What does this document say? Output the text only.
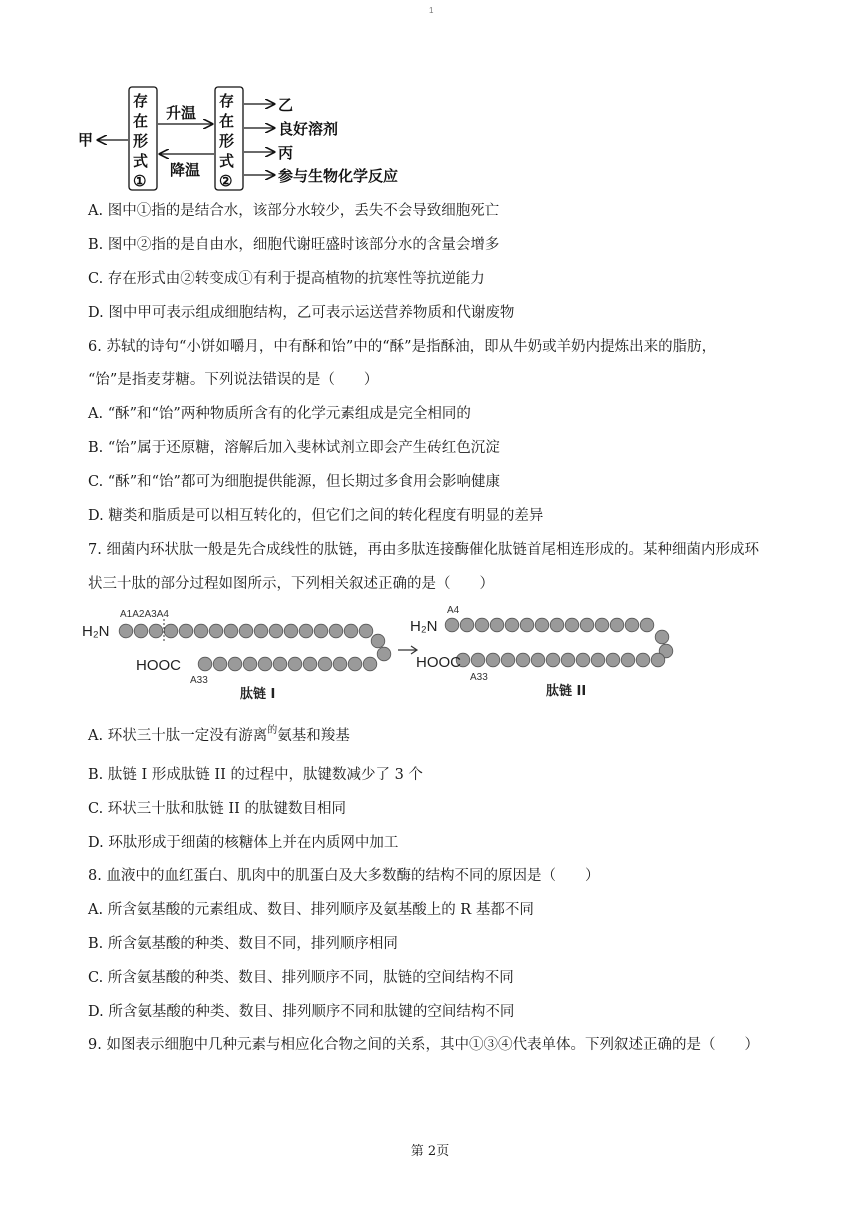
1
甲
存
在
形
式
①
升温
降温
存
在
形
式
②
乙
良好溶剂
丙
参与生物化学反应
A. 图中①指的是结合水，该部分水较少，丢失不会导致细胞死亡
B. 图中②指的是自由水，细胞代谢旺盛时该部分水的含量会增多
C. 存在形式由②转变成①有利于提高植物的抗寒性等抗逆能力
D. 图中甲可表示组成细胞结构，乙可表示运送营养物质和代谢废物
6. 苏轼的诗句“小饼如嚼月，中有酥和饴”中的“酥”是指酥油，即从牛奶或羊奶内提炼出来的脂肪，
“饴”是指麦芽糖。下列说法错误的是（　　）
A. “酥”和“饴”两种物质所含有的化学元素组成是完全相同的
B. “饴”属于还原糖，溶解后加入斐林试剂立即会产生砖红色沉淀
C. “酥”和“饴”都可为细胞提供能源，但长期过多食用会影响健康
D. 糖类和脂质是可以相互转化的，但它们之间的转化程度有明显的差异
7. 细菌内环状肽一般是先合成线性的肽链，再由多肽连接酶催化肽链首尾相连形成的。某种细菌内形成环
状三十肽的部分过程如图所示，下列相关叙述正确的是（　　）
H₂N
HOOC
A1A2A3A4
A33
肽链 I
H₂N
HOOC
A4
A33
肽链 II
A. 环状三十肽一定没有游离$^的$氨基和羧基
B. 肽链 I 形成肽链 II 的过程中，肽键数减少了 3 个
C. 环状三十肽和肽链 II 的肽键数目相同
D. 环肽形成于细菌的核糖体上并在内质网中加工
8. 血液中的血红蛋白、肌肉中的肌蛋白及大多数酶的结构不同的原因是（　　）
A. 所含氨基酸的元素组成、数目、排列顺序及氨基酸上的 R 基都不同
B. 所含氨基酸的种类、数目不同，排列顺序相同
C. 所含氨基酸的种类、数目、排列顺序不同，肽链的空间结构不同
D. 所含氨基酸的种类、数目、排列顺序不同和肽键的空间结构不同
9. 如图表示细胞中几种元素与相应化合物之间的关系，其中①③④代表单体。下列叙述正确的是（　　）
第 2页
